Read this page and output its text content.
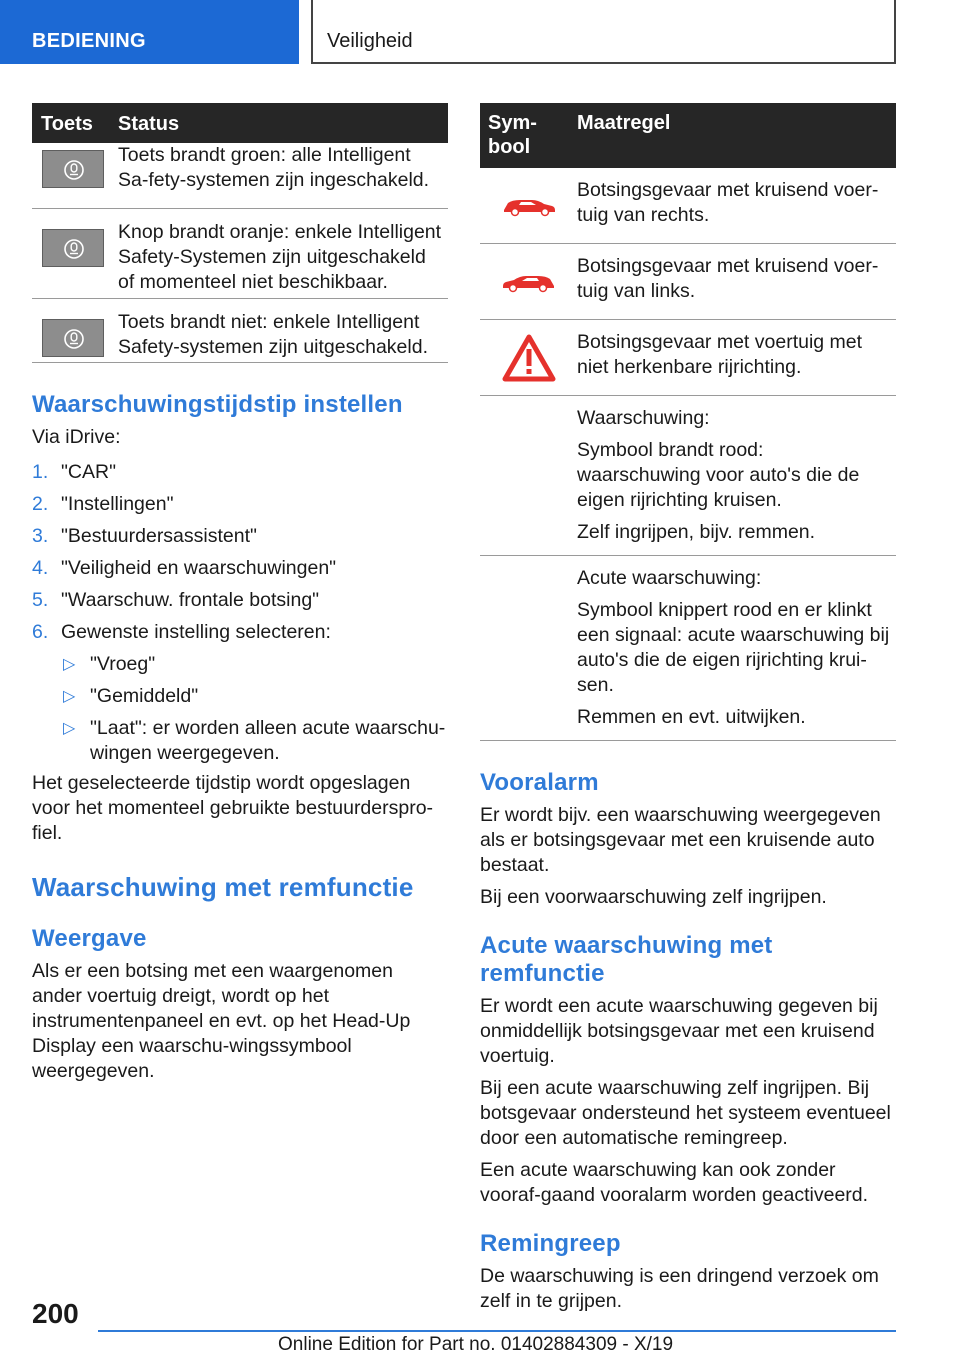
BEDIENING	Veiligheid
Toets	Status

Toets brandt groen: alle Intelligent Sa‐fety-systemen zijn ingeschakeld.

Knop brandt oranje: enkele Intelligent Safety-Systemen zijn uitgeschakeld of momenteel niet beschikbaar.

Toets brandt niet: enkele Intelligent Safety-systemen zijn uitgeschakeld.

Waarschuwingstijdstip instellen

Via iDrive:

1. "CAR"
2. "Instellingen"
3. "Bestuurdersassistent"
4. "Veiligheid en waarschuwingen"
5. "Waarschuw. frontale botsing"
6. Gewenste instelling selecteren:
▷ "Vroeg"
▷ "Gemiddeld"
▷ "Laat": er worden alleen acute waarschu‐wingen weergegeven.

Het geselecteerde tijdstip wordt opgeslagen voor het momenteel gebruikte bestuurderspro‐fiel.

Waarschuwing met remfunctie
Weergave

Als er een botsing met een waargenomen ander voertuig dreigt, wordt op het instrumentenpaneel en evt. op het Head-Up Display een waarschu‐wingssymbool weergegeven.

Sym‐bool	Maatregel

Botsingsgevaar met kruisend voer‐tuig van rechts.

Botsingsgevaar met kruisend voer‐tuig van links.

Botsingsgevaar met voertuig met niet herkenbare rijrichting.

	Waarschuwing:

Symbool brandt rood: waarschuwing voor auto's die de eigen rijrichting kruisen.

Zelf ingrijpen, bijv. remmen.

	Acute waarschuwing:

Symbool knippert rood en er klinkt een signaal: acute waarschuwing bij auto's die de eigen rijrichting krui‐sen.

Remmen en evt. uitwijken.

Vooralarm

Er wordt bijv. een waarschuwing weergegeven als er botsingsgevaar met een kruisende auto bestaat.

Bij een voorwaarschuwing zelf ingrijpen.

Acute waarschuwing met remfunctie

Er wordt een acute waarschuwing gegeven bij onmiddellijk botsingsgevaar met een kruisend voertuig.

Bij een acute waarschuwing zelf ingrijpen. Bij botsgevaar ondersteund het systeem eventueel door een automatische remingreep.

Een acute waarschuwing kan ook zonder vooraf‐gaand vooralarm worden geactiveerd.

Remingreep

De waarschuwing is een dringend verzoek om zelf in te grijpen.

200
Online Edition for Part no. 01402884309 - X/19
